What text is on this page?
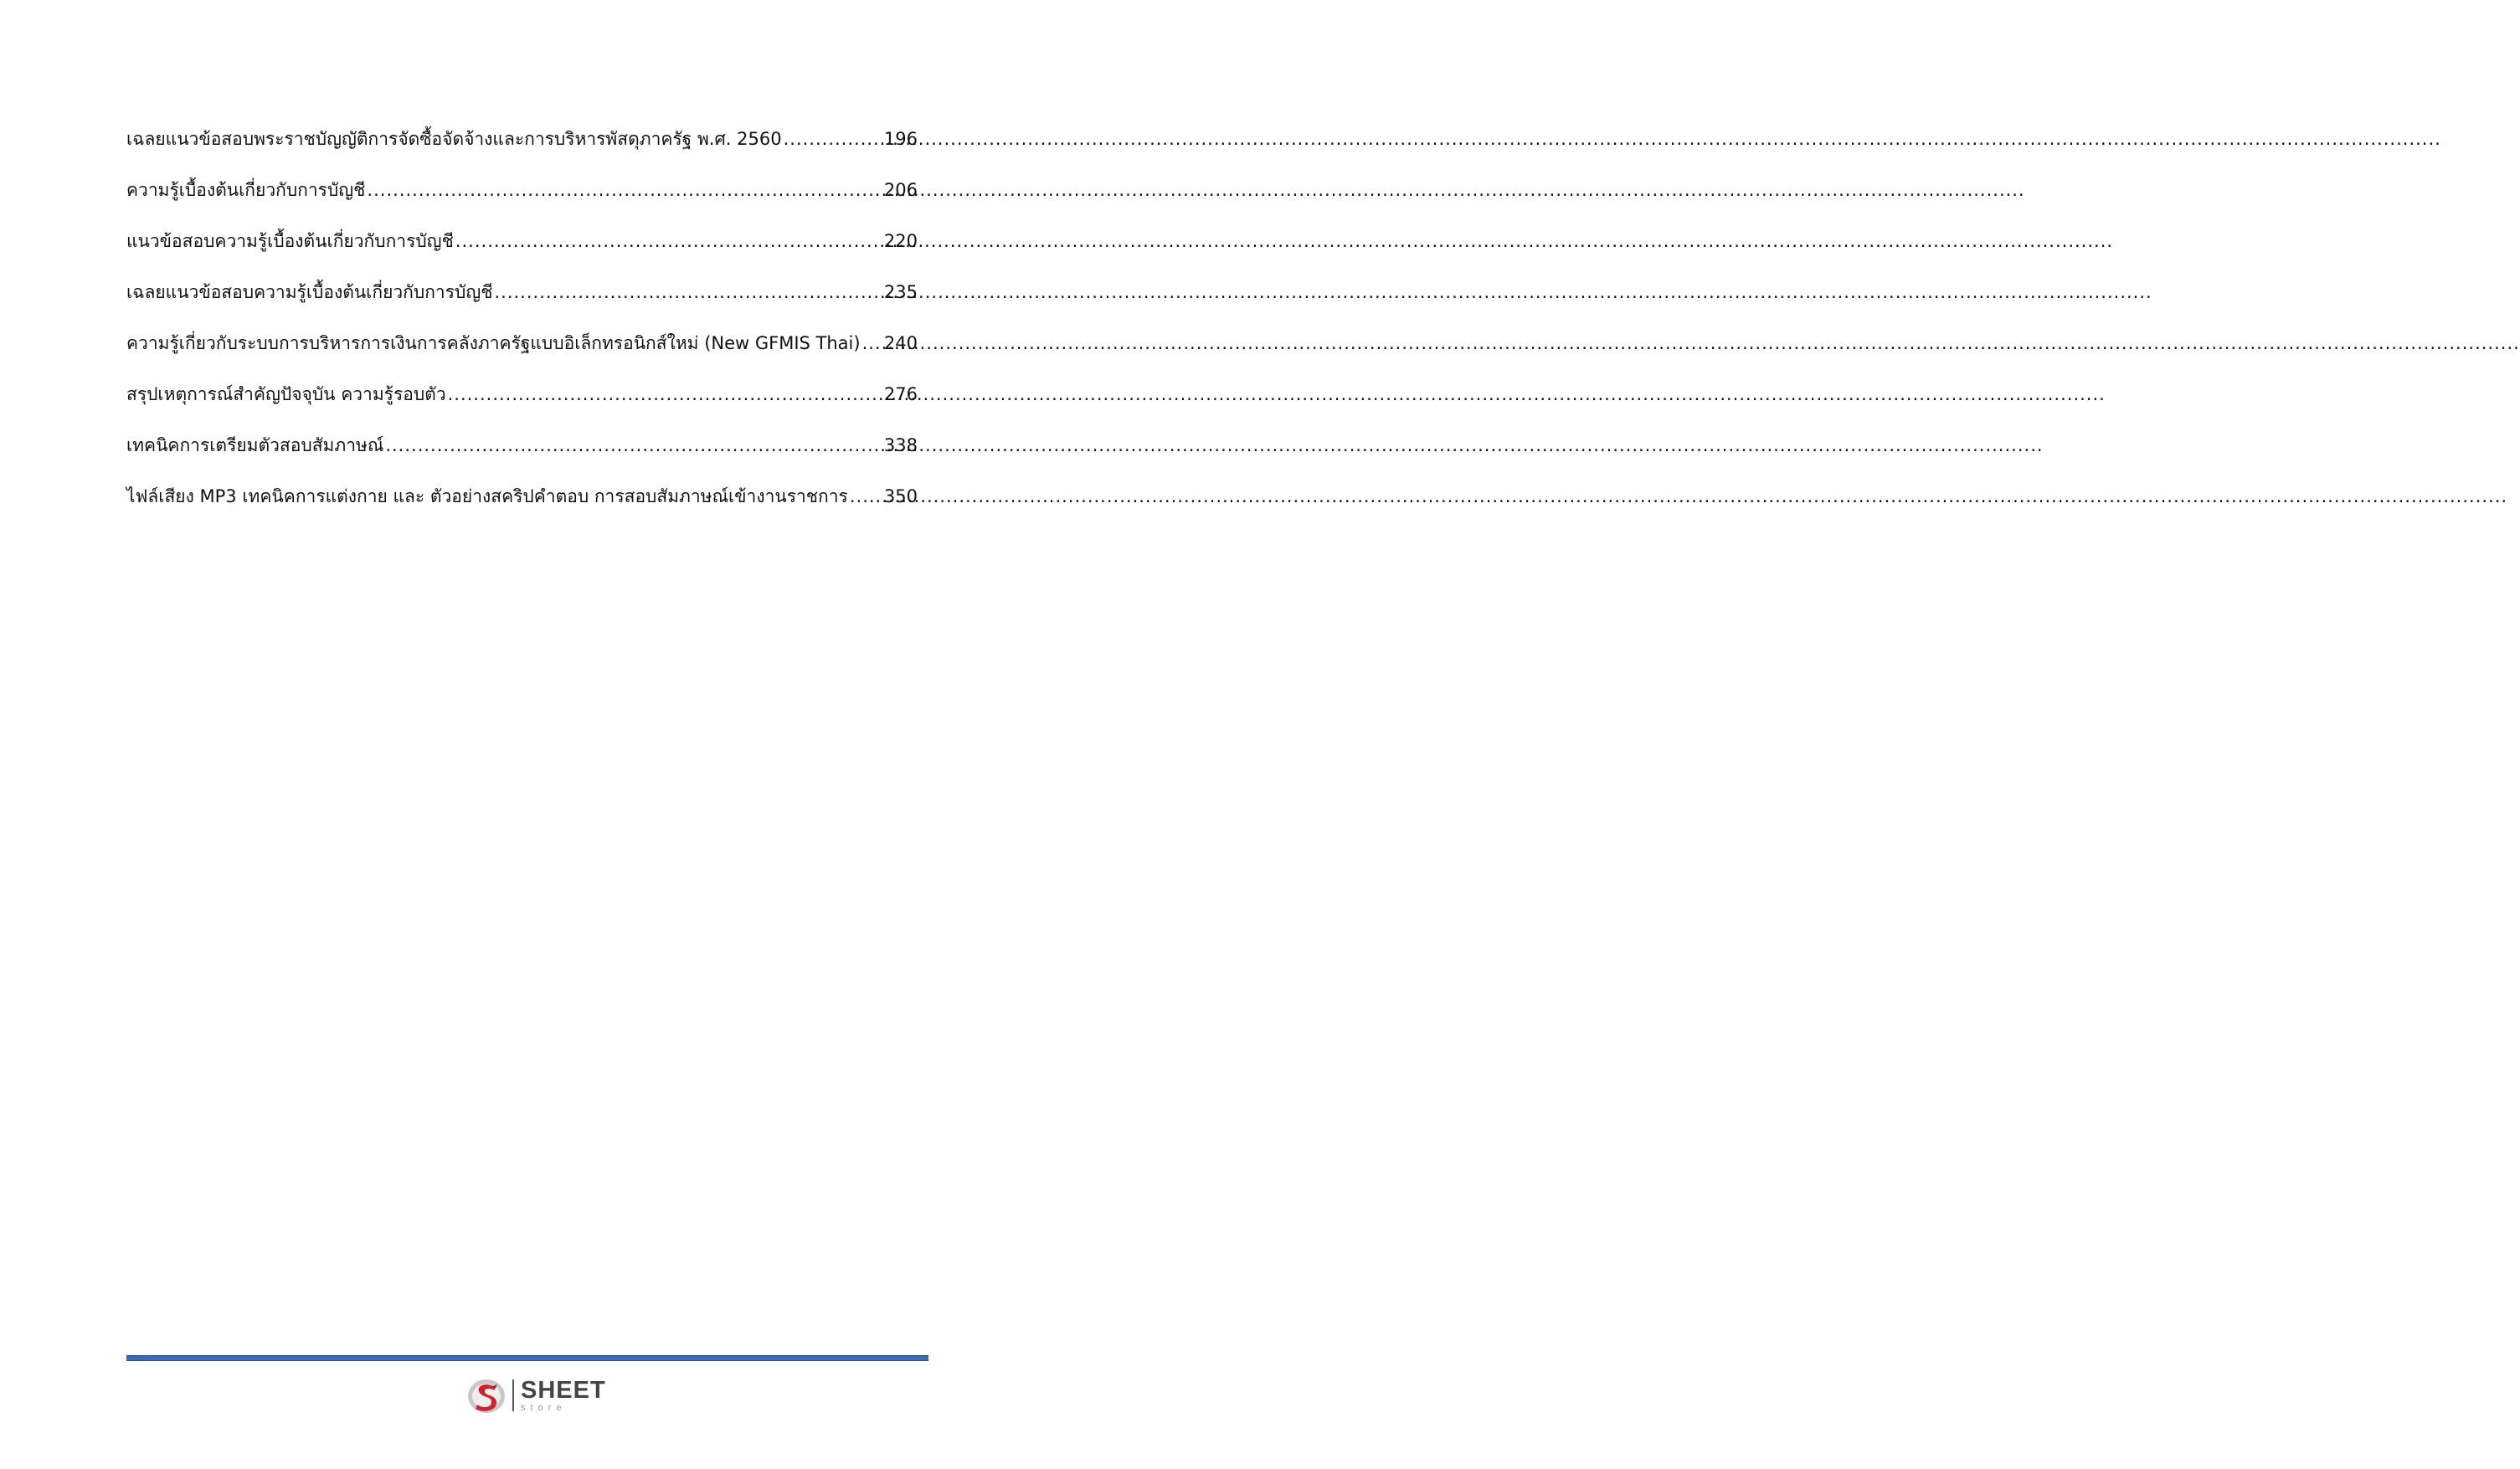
เฉลยแนวข้อสอบพระราชบัญญัติการจัดซื้อจัดจ้างและการบริหารพัสดุภาครัฐ พ.ศ. 2560 .....	196
ความรู้เบื้องต้นเกี่ยวกับการบัญชี .....	206
แนวข้อสอบความรู้เบื้องต้นเกี่ยวกับการบัญชี .....	220
เฉลยแนวข้อสอบความรู้เบื้องต้นเกี่ยวกับการบัญชี .....	235
ความรู้เกี่ยวกับระบบการบริหารการเงินการคลังภาครัฐแบบอิเล็กทรอนิกส์ใหม่ (New GFMIS Thai) ..... 240
สรุปเหตุการณ์สำคัญปัจจุบัน ความรู้รอบตัว .....	276
เทคนิคการเตรียมตัวสอบสัมภาษณ์ .....	338
ไฟล์เสียง MP3 เทคนิคการแต่งกาย และ ตัวอย่างสคริปคำตอบ การสอบสัมภาษณ์เข้างานราชการ ..... 350
SHEET
store
